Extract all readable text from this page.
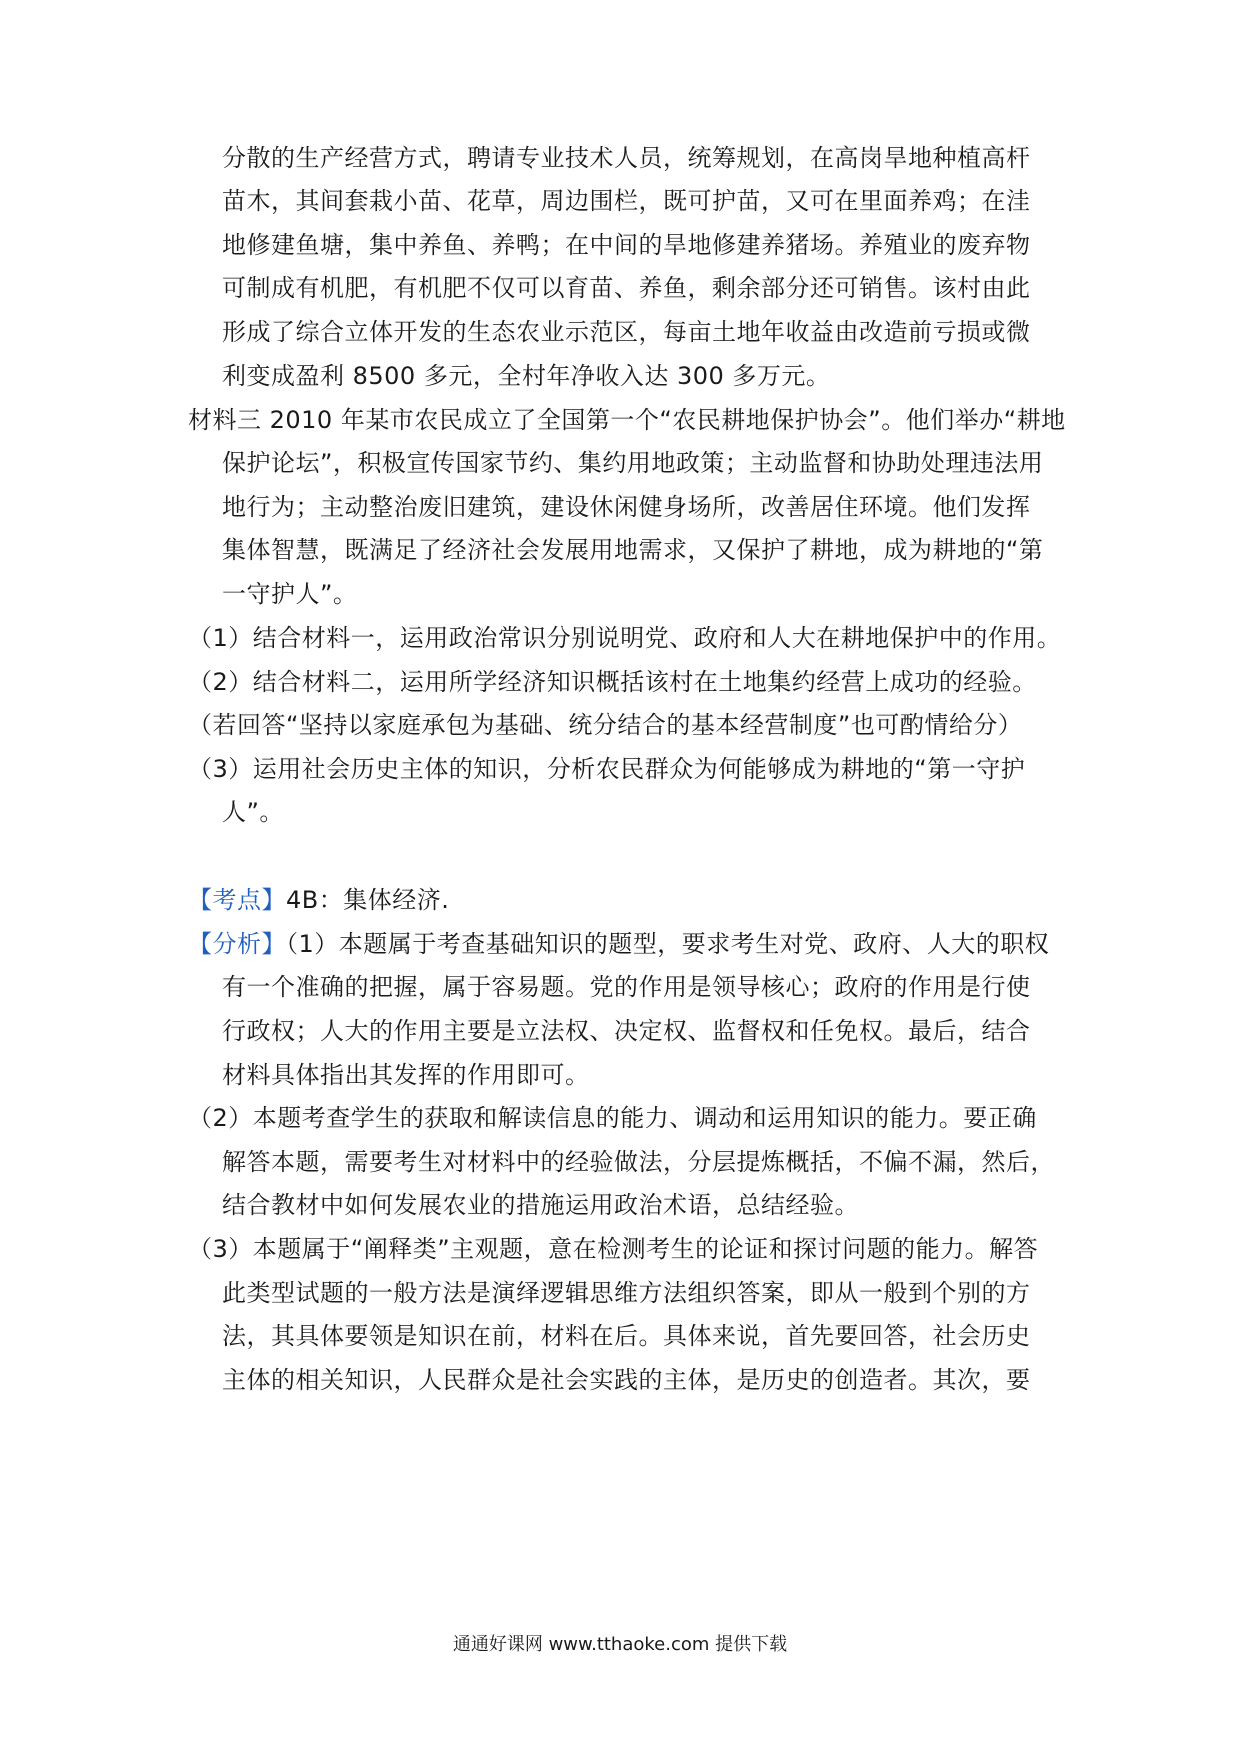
分散的生产经营方式，聘请专业技术人员，统筹规划，在高岗旱地种植高杆
苗木，其间套栽小苗、花草，周边围栏，既可护苗，又可在里面养鸡；在洼
地修建鱼塘，集中养鱼、养鸭；在中间的旱地修建养猪场。养殖业的废弃物
可制成有机肥，有机肥不仅可以育苗、养鱼，剩余部分还可销售。该村由此
形成了综合立体开发的生态农业示范区，每亩土地年收益由改造前亏损或微
利变成盈利 8500 多元，全村年净收入达 300 多万元。
材料三 2010 年某市农民成立了全国第一个“农民耕地保护协会”。他们举办“耕地
保护论坛”，积极宣传国家节约、集约用地政策；主动监督和协助处理违法用
地行为；主动整治废旧建筑，建设休闲健身场所，改善居住环境。他们发挥
集体智慧，既满足了经济社会发展用地需求，又保护了耕地，成为耕地的“第
一守护人”。
（1）结合材料一，运用政治常识分别说明党、政府和人大在耕地保护中的作用。
（2）结合材料二，运用所学经济知识概括该村在土地集约经营上成功的经验。
（若回答“坚持以家庭承包为基础、统分结合的基本经营制度”也可酌情给分）
（3）运用社会历史主体的知识，分析农民群众为何能够成为耕地的“第一守护
人”。
【考点】4B：集体经济.
【分析】（1）本题属于考查基础知识的题型，要求考生对党、政府、人大的职权
有一个准确的把握，属于容易题。党的作用是领导核心；政府的作用是行使
行政权；人大的作用主要是立法权、决定权、监督权和任免权。最后，结合
材料具体指出其发挥的作用即可。
（2）本题考查学生的获取和解读信息的能力、调动和运用知识的能力。要正确
解答本题，需要考生对材料中的经验做法，分层提炼概括，不偏不漏，然后，
结合教材中如何发展农业的措施运用政治术语，总结经验。
（3）本题属于“阐释类”主观题，意在检测考生的论证和探讨问题的能力。解答
此类型试题的一般方法是演绎逻辑思维方法组织答案，即从一般到个别的方
法，其具体要领是知识在前，材料在后。具体来说，首先要回答，社会历史
主体的相关知识，人民群众是社会实践的主体，是历史的创造者。其次，要
通通好课网 www.tthaoke.com 提供下载
